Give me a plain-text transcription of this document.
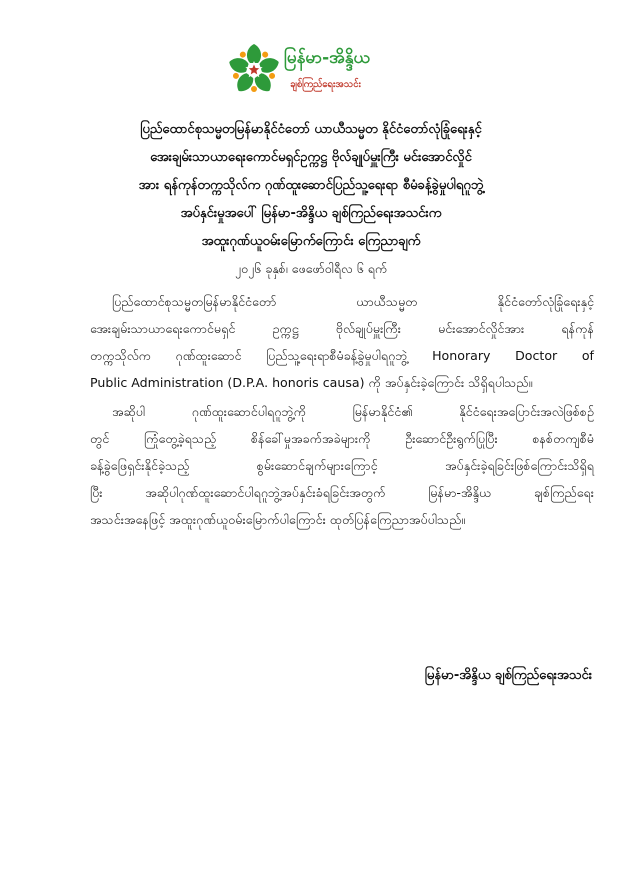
မြန်မာ-အိန္ဒိယ
ချစ်ကြည်ရေးအသင်း
ပြည်ထောင်စုသမ္မတမြန်မာနိုင်ငံတော် ယာယီသမ္မတ နိုင်ငံတော်လုံခြုံရေးနှင့်
အေးချမ်းသာယာရေးကောင်မရှင်ဥက္ကဋ္ဌ ဗိုလ်ချုပ်မှူးကြီး မင်းအောင်လှိုင်
အား ရန်ကုန်တက္ကသိုလ်က ဂုဏ်ထူးဆောင်ပြည်သူ့ရေးရာ စီမံခန့်ခွဲမှုပါရဂူဘွဲ့
အပ်နှင်းမှုအပေါ် မြန်မာ-အိန္ဒိယ ချစ်ကြည်ရေးအသင်းက
အထူးဂုဏ်ယူဝမ်းမြောက်ကြောင်း ကြေညာချက်
၂၀၂၆ ခုနှစ်၊ ဖေဖော်ဝါရီလ ၆ ရက်
ပြည်ထောင်စုသမ္မတမြန်မာနိုင်ငံတော် ယာယီသမ္မတ နိုင်ငံတော်လုံခြုံရေးနှင့်
အေးချမ်းသာယာရေးကောင်မရှင် ဥက္ကဋ္ဌ ဗိုလ်ချုပ်မှူးကြီး မင်းအောင်လှိုင်အား ရန်ကုန်
တက္ကသိုလ်က ဂုဏ်ထူးဆောင် ပြည်သူ့ရေးရာစီမံခန့်ခွဲမှုပါရဂူဘွဲ့ Honorary Doctor of
Public Administration (D.P.A. honoris causa) ကို အပ်နှင်းခဲ့ကြောင်း သိရှိရပါသည်။
အဆိုပါ ဂုဏ်ထူးဆောင်ပါရဂူဘွဲ့ကို မြန်မာနိုင်ငံ၏ နိုင်ငံရေးအပြောင်းအလဲဖြစ်စဉ်
တွင် ကြုံတွေ့ခဲ့ရသည့် စိန်ခေါ်မှုအခက်အခဲများကို ဦးဆောင်ဦးရွက်ပြုပြီး စနစ်တကျစီမံ
ခန့်ခွဲဖြေရှင်းနိုင်ခဲ့သည့် စွမ်းဆောင်ချက်များကြောင့် အပ်နှင်းခဲ့ရခြင်းဖြစ်ကြောင်းသိရှိရ
ပြီး အဆိုပါဂုဏ်ထူးဆောင်ပါရဂူဘွဲ့အပ်နှင်းခံရခြင်းအတွက် မြန်မာ-အိန္ဒိယ ချစ်ကြည်ရေး
အသင်းအနေဖြင့် အထူးဂုဏ်ယူဝမ်းမြောက်ပါကြောင်း ထုတ်ပြန်ကြေညာအပ်ပါသည်။
မြန်မာ-အိန္ဒိယ ချစ်ကြည်ရေးအသင်း
